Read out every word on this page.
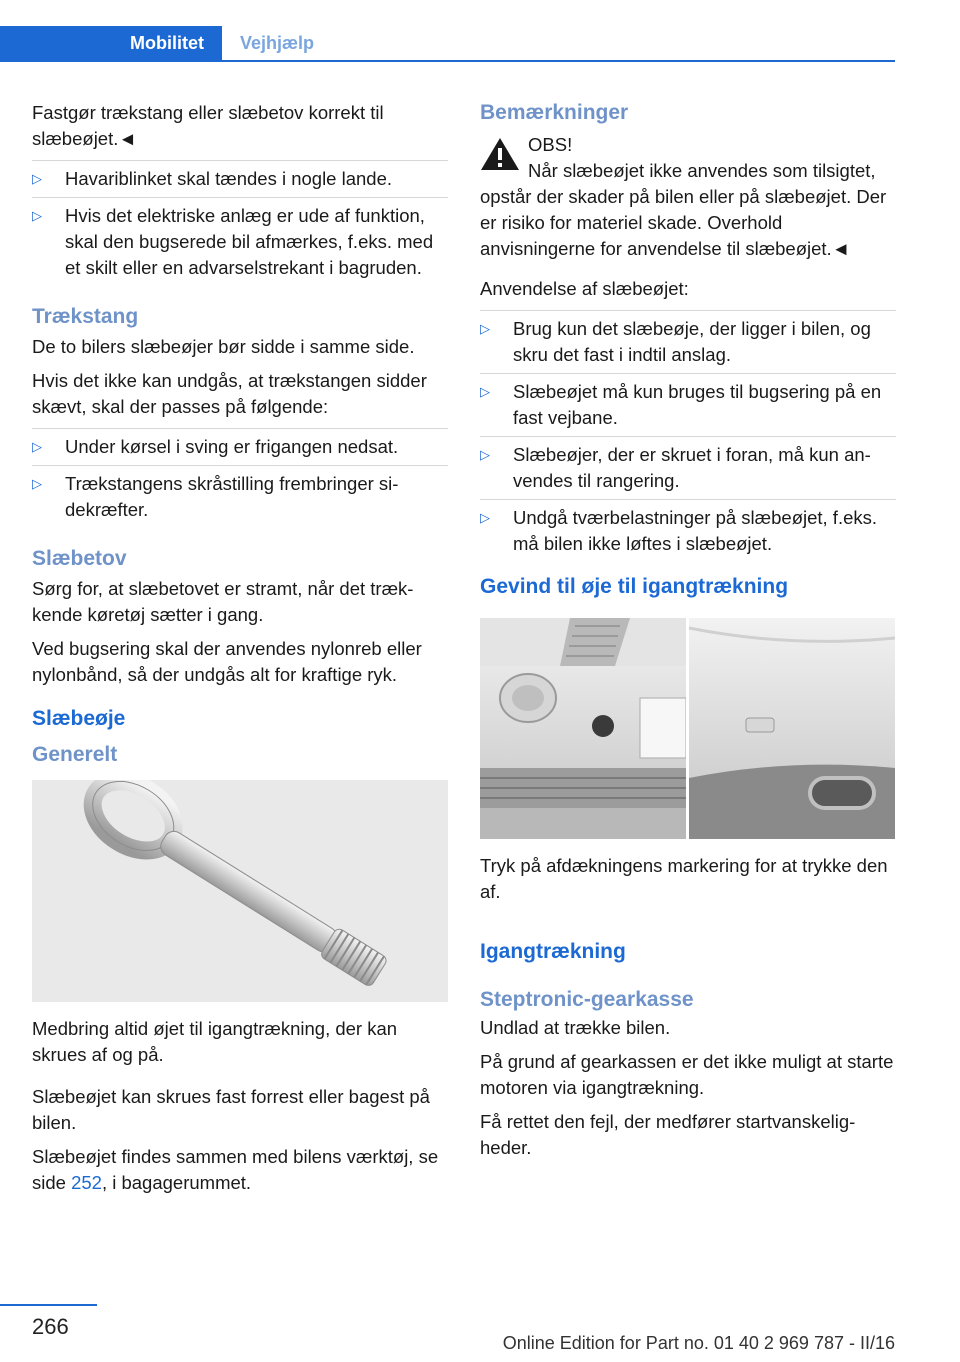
Mobilitet	Vejhjælp

Fastgør trækstang eller slæbetov korrekt til slæbeøjet.◄

▷ Havariblinket skal tændes i nogle lande.
▷ Hvis det elektriske anlæg er ude af funktion, skal den bugserede bil afmærkes, f.eks. med et skilt eller en advarselstrekant i bagruden.
Trækstang

De to bilers slæbeøjer bør sidde i samme side.

Hvis det ikke kan undgås, at trækstangen sidder skævt, skal der passes på følgende:

▷ Under kørsel i sving er frigangen nedsat.
▷ Trækstangens skråstilling frembringer sidekræfter.
Slæbetov

Sørg for, at slæbetovet er stramt, når det trækkende køretøj sætter i gang.

Ved bugsering skal der anvendes nylonreb eller nylonbånd, så der undgås alt for kraftige ryk.

Slæbeøje
Generelt

Medbring altid øjet til igangtrækning, der kan skrues af og på.

Slæbeøjet kan skrues fast forrest eller bagest på bilen.

Slæbeøjet findes sammen med bilens værktøj, se side 252, i bagagerummet.

Bemærkninger

OBS!

Når slæbeøjet ikke anvendes som tilsigtet, opstår der skader på bilen eller på slæbeøjet. Der er risiko for materiel skade. Overhold anvisningerne for anvendelse til slæbeøjet.◄

Anvendelse af slæbeøjet:

▷ Brug kun det slæbeøje, der ligger i bilen, og skru det fast i indtil anslag.
▷ Slæbeøjet må kun bruges til bugsering på en fast vejbane.
▷ Slæbeøjer, der er skruet i foran, må kun anvendes til rangering.
▷ Undgå tværbelastninger på slæbeøjet, f.eks. må bilen ikke løftes i slæbeøjet.
Gevind til øje til igangtrækning

Tryk på afdækningens markering for at trykke den af.

Igangtrækning
Steptronic-gearkasse

Undlad at trække bilen.

På grund af gearkassen er det ikke muligt at starte motoren via igangtrækning.

Få rettet den fejl, der medfører startvanskeligheder.

266
Online Edition for Part no. 01 40 2 969 787 - II/16
